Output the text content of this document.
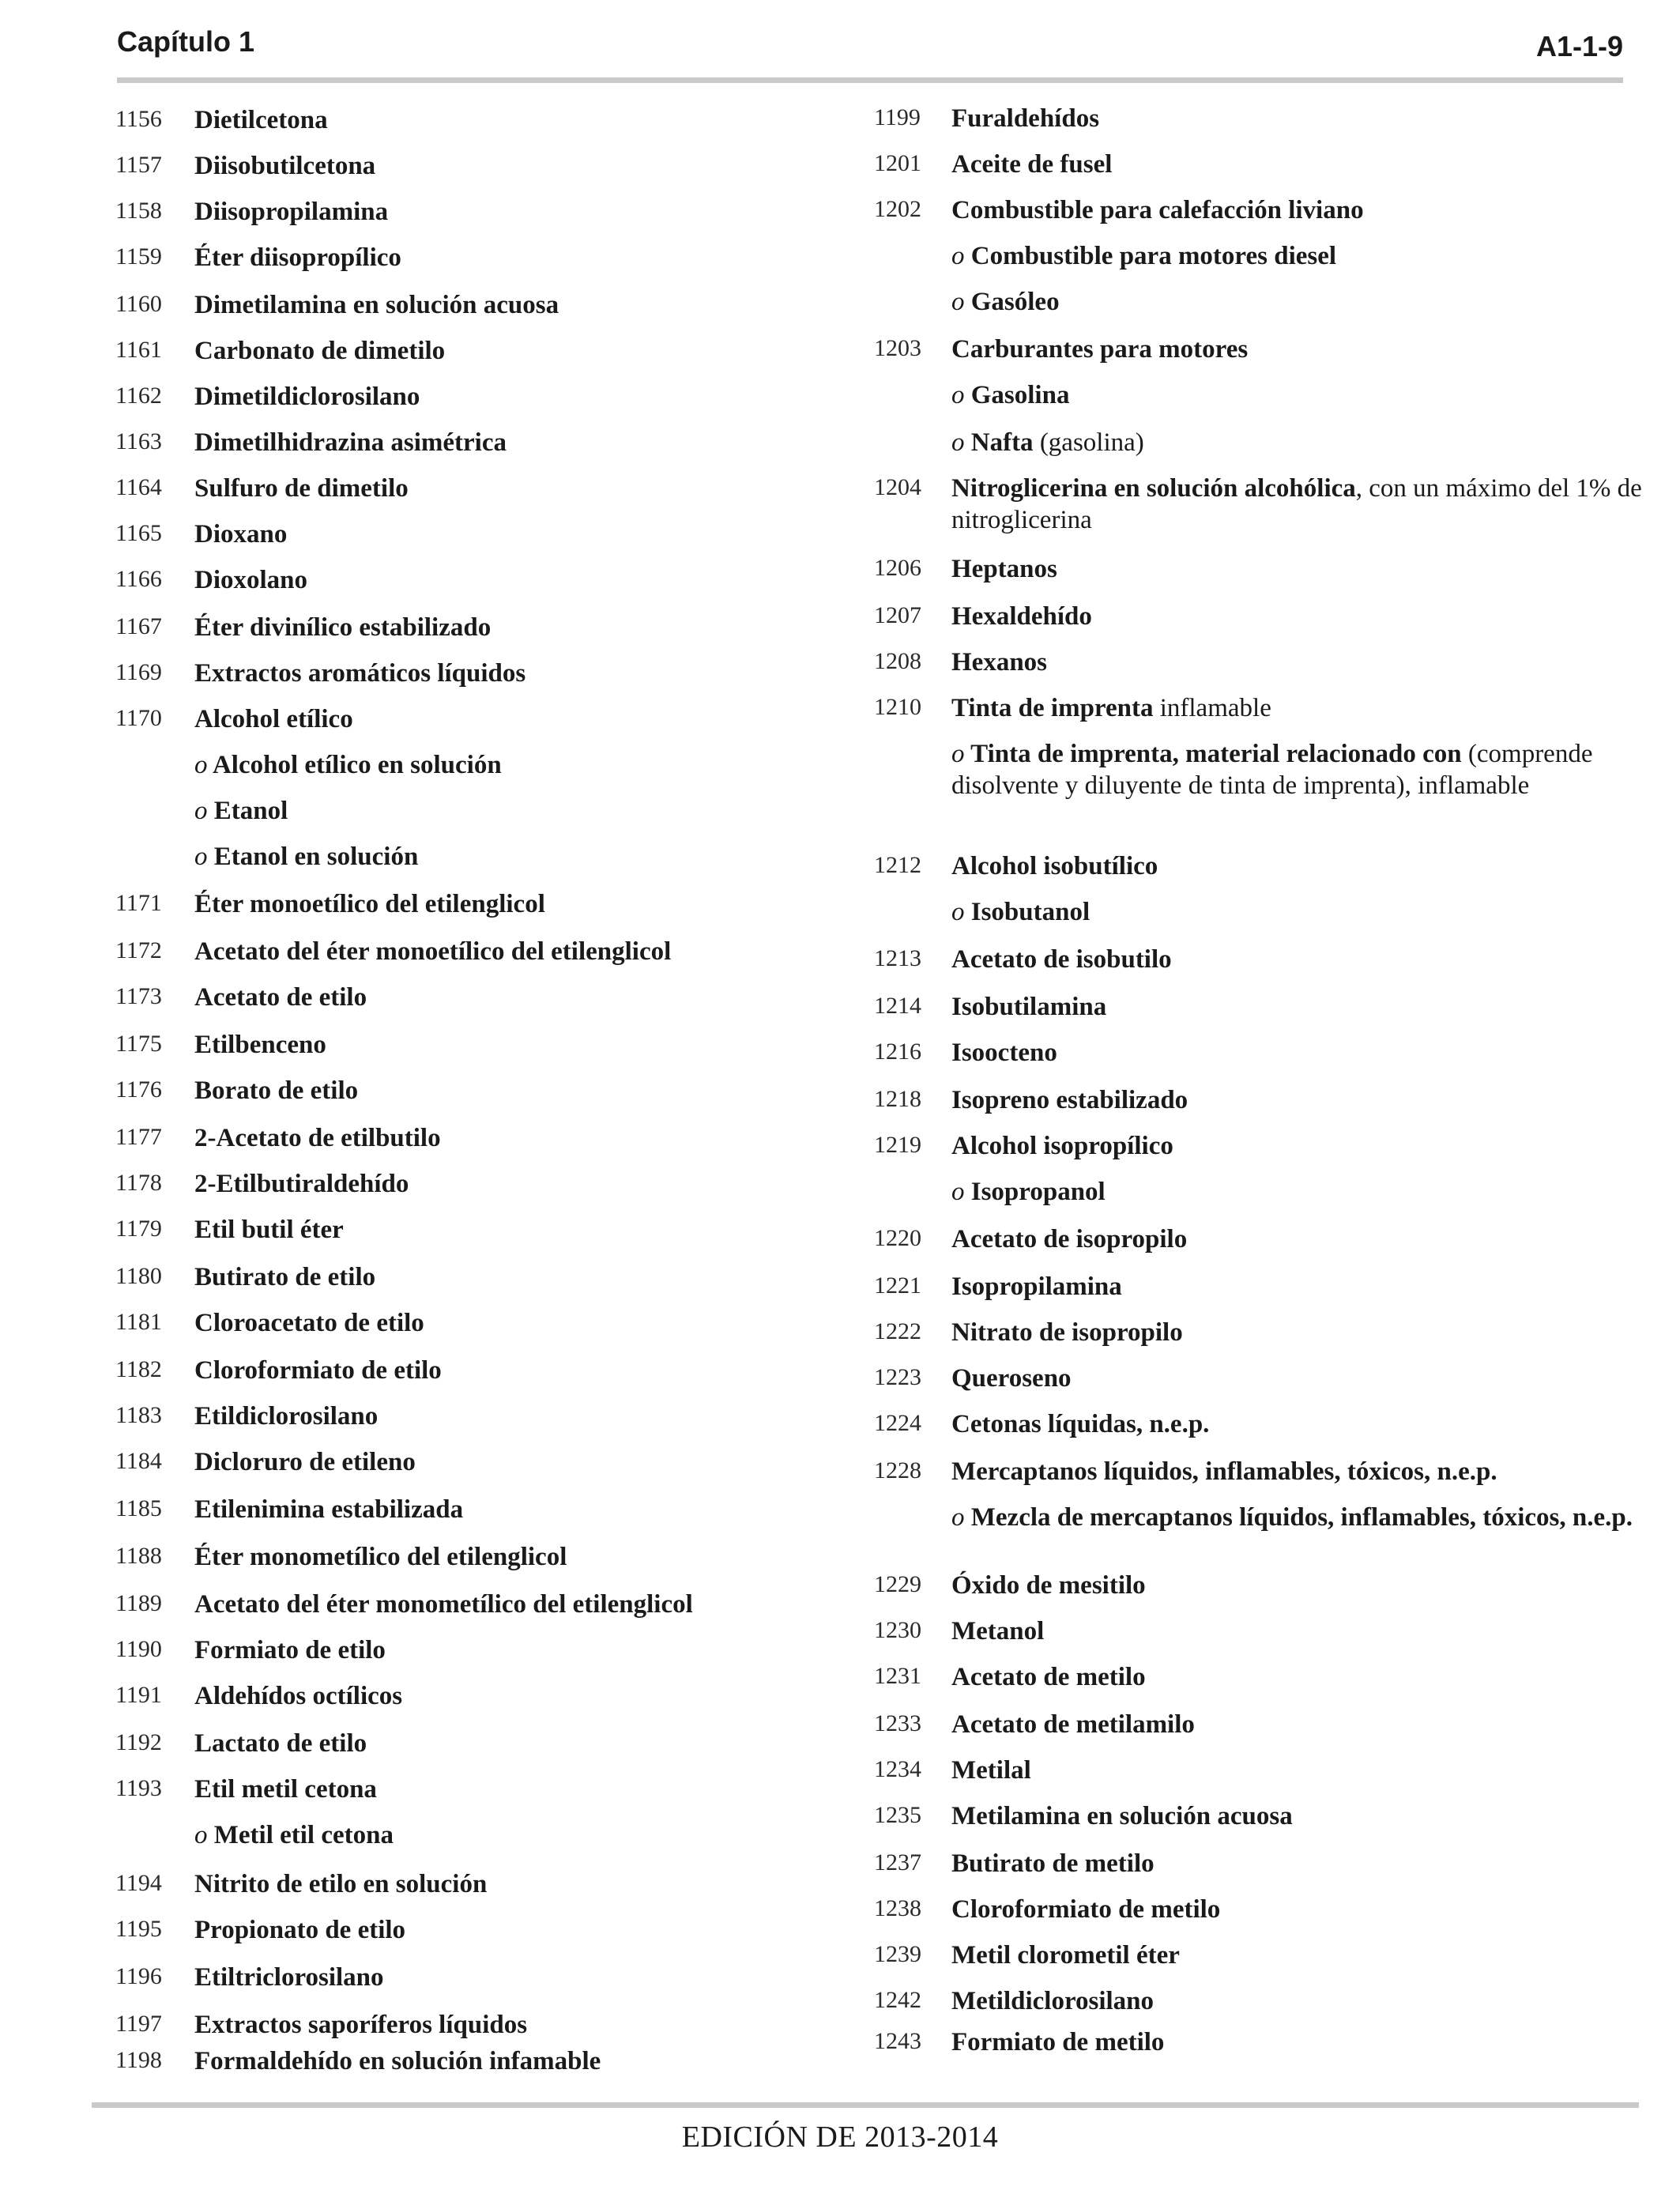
Capítulo 1	A1-1-9
1156 Dietilcetona
1157 Diisobutilcetona
1158 Diisopropilamina
1159 Éter diisopropílico
1160 Dimetilamina en solución acuosa
1161 Carbonato de dimetilo
1162 Dimetildiclorosilano
1163 Dimetilhidrazina asimétrica
1164 Sulfuro de dimetilo
1165 Dioxano
1166 Dioxolano
1167 Éter divinílico estabilizado
1169 Extractos aromáticos líquidos
1170 Alcohol etílico
o Alcohol etílico en solución
o Etanol
o Etanol en solución
1171 Éter monoetílico del etilenglicol
1172 Acetato del éter monoetílico del etilenglicol
1173 Acetato de etilo
1175 Etilbenceno
1176 Borato de etilo
1177 2-Acetato de etilbutilo
1178 2-Etilbutiraldehído
1179 Etil butil éter
1180 Butirato de etilo
1181 Cloroacetato de etilo
1182 Cloroformiato de etilo
1183 Etildiclorosilano
1184 Dicloruro de etileno
1185 Etilenimina estabilizada
1188 Éter monometílico del etilenglicol
1189 Acetato del éter monometílico del etilenglicol
1190 Formiato de etilo
1191 Aldehídos octílicos
1192 Lactato de etilo
1193 Etil metil cetona
o Metil etil cetona
1194 Nitrito de etilo en solución
1195 Propionato de etilo
1196 Etiltriclorosilano
1197 Extractos saporíferos líquidos
1198 Formaldehído en solución infamable
1199 Furaldehídos
1201 Aceite de fusel
1202 Combustible para calefacción liviano
o Combustible para motores diesel
o Gasóleo
1203 Carburantes para motores
o Gasolina
o Nafta (gasolina)
1204 Nitroglicerina en solución alcohólica, con un máximo del 1% de nitroglicerina
1206 Heptanos
1207 Hexaldehído
1208 Hexanos
1210 Tinta de imprenta inflamable
o Tinta de imprenta, material relacionado con (comprende disolvente y diluyente de tinta de imprenta), inflamable
1212 Alcohol isobutílico
o Isobutanol
1213 Acetato de isobutilo
1214 Isobutilamina
1216 Isoocteno
1218 Isopreno estabilizado
1219 Alcohol isopropílico
o Isopropanol
1220 Acetato de isopropilo
1221 Isopropilamina
1222 Nitrato de isopropilo
1223 Queroseno
1224 Cetonas líquidas, n.e.p.
1228 Mercaptanos líquidos, inflamables, tóxicos, n.e.p.
o Mezcla de mercaptanos líquidos, inflamables, tóxicos, n.e.p.
1229 Óxido de mesitilo
1230 Metanol
1231 Acetato de metilo
1233 Acetato de metilamilo
1234 Metilal
1235 Metilamina en solución acuosa
1237 Butirato de metilo
1238 Cloroformiato de metilo
1239 Metil clorometil éter
1242 Metildiclorosilano
1243 Formiato de metilo
EDICIÓN DE 2013-2014
